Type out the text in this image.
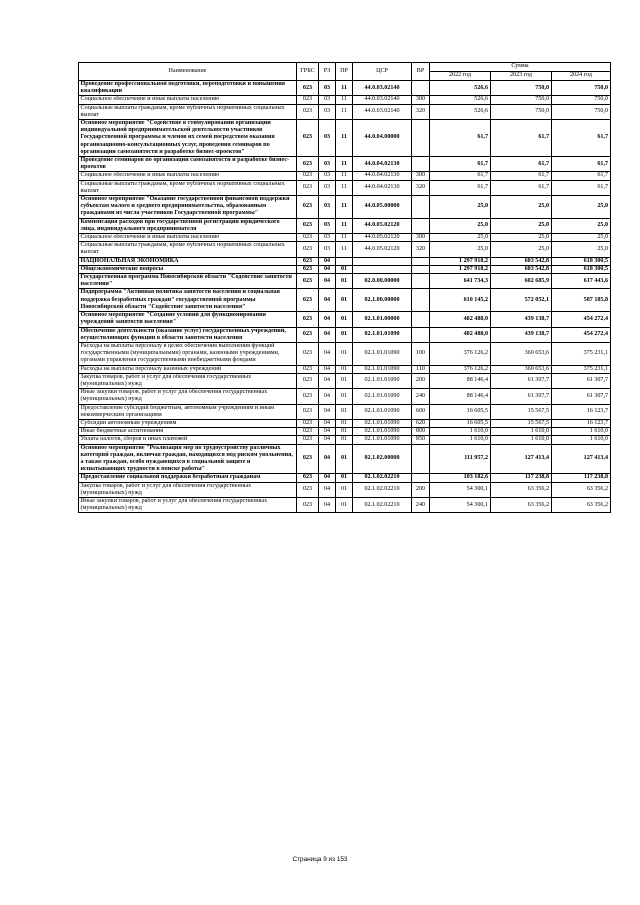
Наименование	ГРБС	РЗ	ПР	ЦСР	ВР	Сумма		
						2022 год	2023 год	2024 год
Проведение профессиональной подготовки, переподготовки и повышения квалификации	023	03	11	44.0.03.02140		526,6	750,0	750,0
Социальное обеспечение и иные выплаты населению	023	03	11	44.0.03.02140	300	526,6	750,0	750,0
Социальные выплаты гражданам, кроме публичных нормативных социальных выплат	023	03	11	44.0.03.02140	320	526,6	750,0	750,0
Основное мероприятие "Содействие в стимулировании организации индивидуальной предпринимательской деятельности участников Государственной программы и членов их семей посредством оказания организационно-консультационных услуг, проведения семинаров по организации самозанятости и разработке бизнес-проектов"	023	03	11	44.0.04.00000		61,7	61,7	61,7
Проведение семинаров по организации самозанятости и разработке бизнес-проектов	023	03	11	44.0.04.02130		61,7	61,7	61,7
Социальное обеспечение и иные выплаты населению	023	03	11	44.0.04.02130	300	61,7	61,7	61,7
Социальные выплаты гражданам, кроме публичных нормативных социальных выплат	023	03	11	44.0.04.02130	320	61,7	61,7	61,7
Основное мероприятие "Оказание государственной финансовой поддержки субъектам малого и среднего предпринимательства, образованным гражданами из числа участников Государственной программы"	023	03	11	44.0.05.00000		25,0	25,0	25,0
Компенсация расходов при государственной регистрации юридического лица, индивидуального предпринимателя	023	03	11	44.0.05.02120		25,0	25,0	25,0
Социальное обеспечение и иные выплаты населению	023	03	11	44.0.05.02120	300	25,0	25,0	25,0
Социальные выплаты гражданам, кроме публичных нормативных социальных выплат	023	03	11	44.0.05.02120	320	25,0	25,0	25,0
НАЦИОНАЛЬНАЯ ЭКОНОМИКА	023	04				1 297 918,2	603 542,8	618 300,5
Общеэкономические вопросы	023	04	01			1 297 918,2	603 542,8	618 300,5
Государственная программа Новосибирской области "Содействие занятости населения"	023	04	01	02.0.00.00000		641 734,3	602 685,9	617 443,6
Подпрограмма "Активная политика занятости населения и социальная поддержка безработных граждан" государственной программы Новосибирской области "Содействие занятости населения"	023	04	01	02.1.00.00000		610 145,2	572 052,1	587 185,8
Основное мероприятие "Создание условий для функционирования учреждений занятости населения"	023	04	01	02.1.01.00000		482 488,0	439 138,7	454 272,4
Обеспечение деятельности (оказание услуг) государственных учреждений, осуществляющих функции в области занятости населения	023	04	01	02.1.01.01090		482 488,0	439 138,7	454 272,4
Расходы на выплаты персоналу в целях обеспечения выполнения функций государственными (муниципальными) органами, казенными учреждениями, органами управления государственными внебюджетными фондами	023	04	01	02.1.01.01090	100	376 126,2	360 653,6	375 231,1
Расходы на выплаты персоналу казенных учреждений	023	04	01	02.1.01.01090	110	376 126,2	360 653,6	375 231,1
Закупка товаров, работ и услуг для обеспечения государственных (муниципальных) нужд	023	04	01	02.1.01.01090	200	88 146,4	61 307,7	61 307,7
Иные закупки товаров, работ и услуг для обеспечения государственных (муниципальных) нужд	023	04	01	02.1.01.01090	240	88 146,4	61 307,7	61 307,7
Предоставление субсидий бюджетным, автономным учреждениям и иным некоммерческим организациям	023	04	01	02.1.01.01090	600	16 605,5	15 567,5	16 123,7
Субсидии автономным учреждениям	023	04	01	02.1.01.01090	620	16 605,5	15 567,5	16 123,7
Иные бюджетные ассигнования	023	04	01	02.1.01.01090	800	1 610,0	1 610,0	1 610,0
Уплата налогов, сборов и иных платежей	023	04	01	02.1.01.01090	850	1 610,0	1 610,0	1 610,0
Основное мероприятие "Реализация мер по трудоустройству различных категорий граждан, включая граждан, находящихся под риском увольнения, а также граждан, особо нуждающихся в социальной защите и испытывающих трудности в поиске работы"	023	04	01	02.1.02.00000		111 957,2	127 413,4	127 413,4
Предоставление социальной поддержки безработным гражданам	023	04	01	02.1.02.02210		103 182,6	117 238,8	117 238,8
Закупка товаров, работ и услуг для обеспечения государственных (муниципальных) нужд	023	04	01	02.1.02.02210	200	54 300,1	63 356,2	63 356,2
Иные закупки товаров, работ и услуг для обеспечения государственных (муниципальных) нужд	023	04	01	02.1.02.02210	240	54 300,1	63 356,2	63 356,2
Страница 9 из 153
